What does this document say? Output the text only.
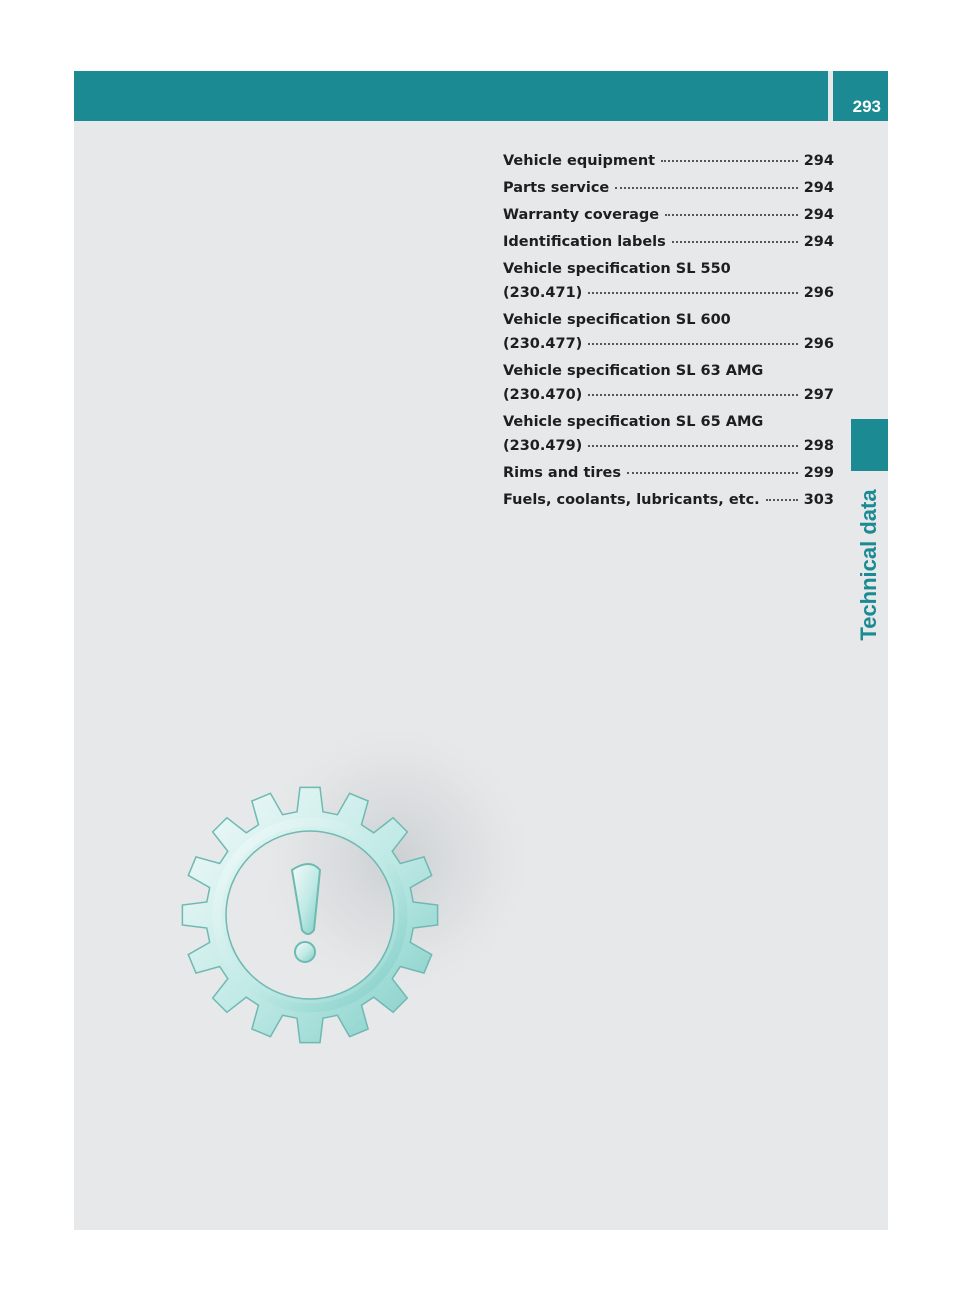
293
Technical data
Vehicle equipment	294
Parts service	294
Warranty coverage	294
Identification labels	294
Vehicle specification SL 550
(230.471)	296
Vehicle specification SL 600
(230.477)	296
Vehicle specification SL 63 AMG
(230.470)	297
Vehicle specification SL 65 AMG
(230.479)	298
Rims and tires	299
Fuels, coolants, lubricants, etc.	303
